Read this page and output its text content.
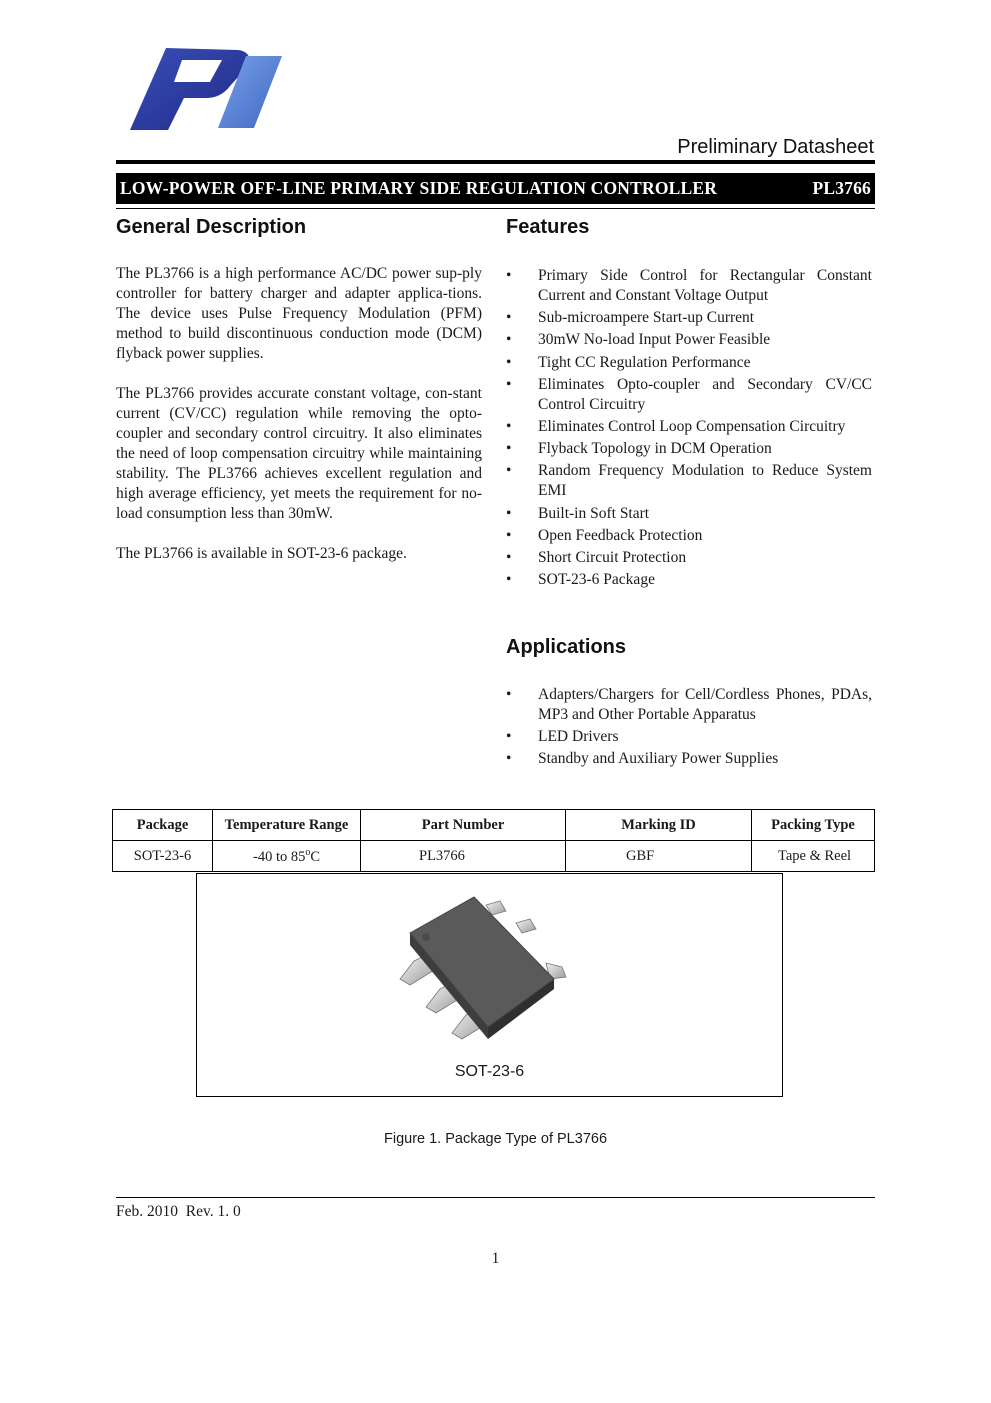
Preliminary Datasheet
LOW-POWER OFF-LINE PRIMARY SIDE REGULATION CONTROLLER	PL3766
General Description

The PL3766 is a high performance AC/DC power sup-ply controller for battery charger and adapter applica-tions. The device uses Pulse Frequency Modulation (PFM) method to build discontinuous conduction mode (DCM) flyback power supplies.

The PL3766 provides accurate constant voltage, con-stant current (CV/CC) regulation while removing the opto-coupler and secondary control circuitry. It also eliminates the need of loop compensation circuitry while maintaining stability. The PL3766 achieves excellent regulation and high average efficiency, yet meets the requirement for no-load consumption less than 30mW.

The PL3766 is available in SOT-23-6 package.

Features
• Primary Side Control for Rectangular Constant Current and Constant Voltage Output
• Sub-microampere Start-up Current
• 30mW No-load Input Power Feasible
• Tight CC Regulation Performance
• Eliminates Opto-coupler and Secondary CV/CC Control Circuitry
• Eliminates Control Loop Compensation Circuitry
• Flyback Topology in DCM Operation
• Random Frequency Modulation to Reduce System EMI
• Built-in Soft Start
• Open Feedback Protection
• Short Circuit Protection
• SOT-23-6 Package
Applications
• Adapters/Chargers for Cell/Cordless Phones, PDAs, MP3 and Other Portable Apparatus
• LED Drivers
• Standby and Auxiliary Power Supplies
Package	Temperature Range	Part Number	Marking ID	Packing Type
SOT-23-6	-40 to 85$^o$C	PL3766	GBF	Tape & Reel
SOT-23-6
Figure 1. Package Type of PL3766
Feb. 2010  Rev. 1. 0
1
